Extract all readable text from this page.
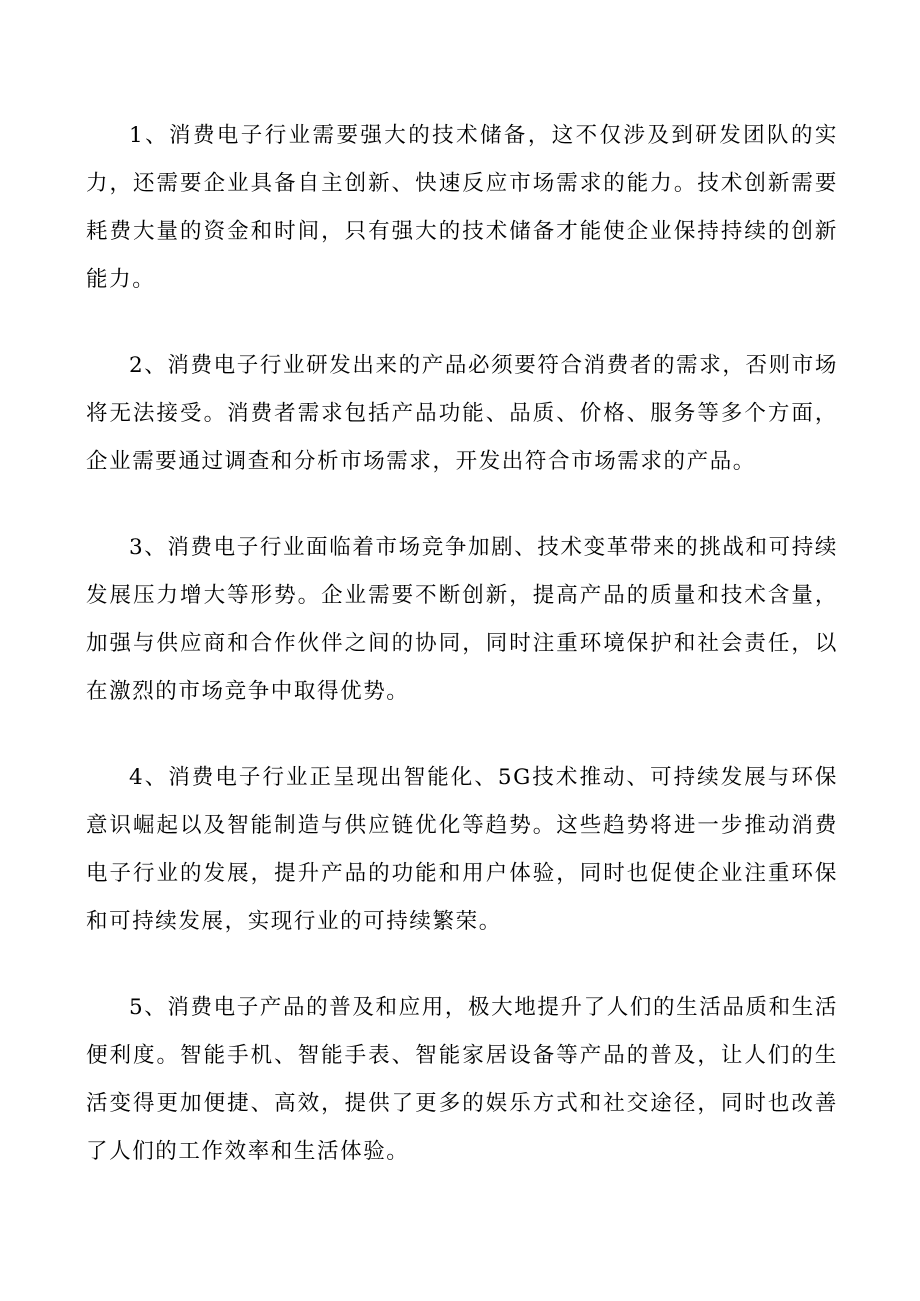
1、消费电子行业需要强大的技术储备，这不仅涉及到研发团队的实力，还需要企业具备自主创新、快速反应市场需求的能力。技术创新需要耗费大量的资金和时间，只有强大的技术储备才能使企业保持持续的创新能力。

2、消费电子行业研发出来的产品必须要符合消费者的需求，否则市场将无法接受。消费者需求包括产品功能、品质、价格、服务等多个方面，企业需要通过调查和分析市场需求，开发出符合市场需求的产品。

3、消费电子行业面临着市场竞争加剧、技术变革带来的挑战和可持续发展压力增大等形势。企业需要不断创新，提高产品的质量和技术含量，加强与供应商和合作伙伴之间的协同，同时注重环境保护和社会责任，以在激烈的市场竞争中取得优势。

4、消费电子行业正呈现出智能化、5G技术推动、可持续发展与环保意识崛起以及智能制造与供应链优化等趋势。这些趋势将进一步推动消费电子行业的发展，提升产品的功能和用户体验，同时也促使企业注重环保和可持续发展，实现行业的可持续繁荣。

5、消费电子产品的普及和应用，极大地提升了人们的生活品质和生活便利度。智能手机、智能手表、智能家居设备等产品的普及，让人们的生活变得更加便捷、高效，提供了更多的娱乐方式和社交途径，同时也改善了人们的工作效率和生活体验。
